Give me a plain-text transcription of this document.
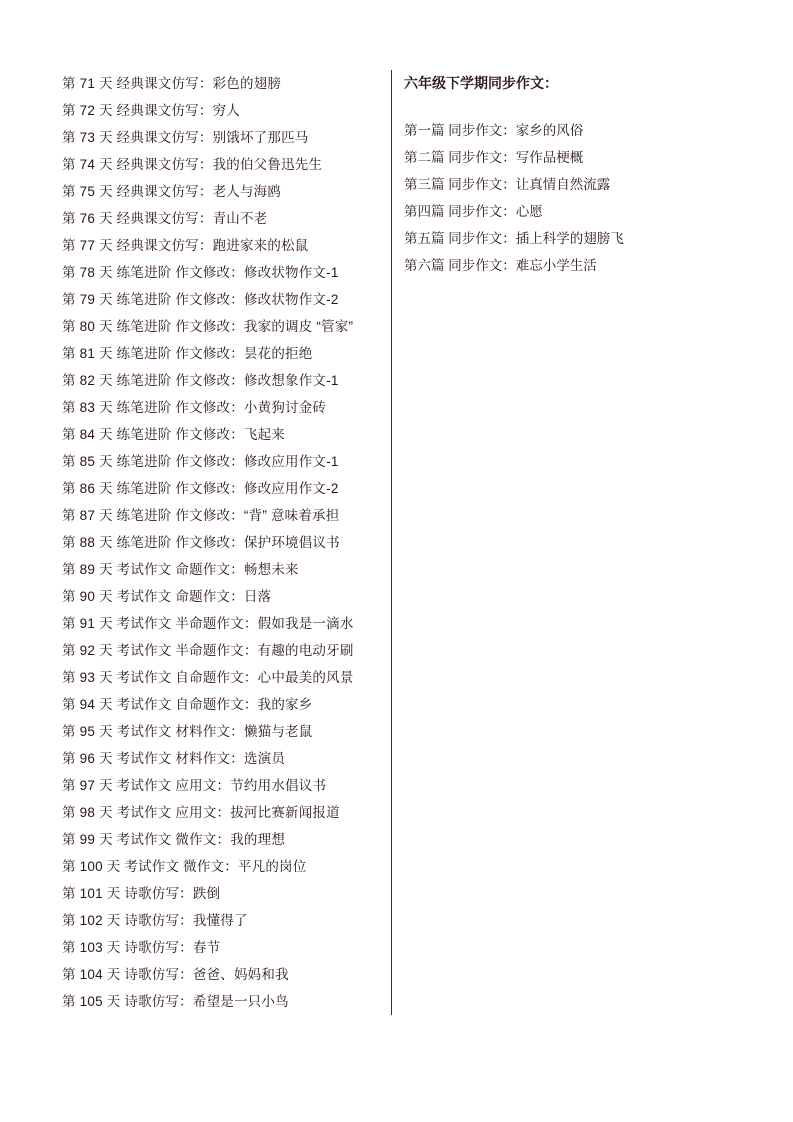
第 71 天 经典课文仿写：彩色的翅膀
第 72 天 经典课文仿写：穷人
第 73 天 经典课文仿写：别饿坏了那匹马
第 74 天 经典课文仿写：我的伯父鲁迅先生
第 75 天 经典课文仿写：老人与海鸥
第 76 天 经典课文仿写：青山不老
第 77 天 经典课文仿写：跑进家来的松鼠
第 78 天 练笔进阶 作文修改：修改状物作文-1
第 79 天 练笔进阶 作文修改：修改状物作文-2
第 80 天 练笔进阶 作文修改：我家的调皮 “管家”
第 81 天 练笔进阶 作文修改：昙花的拒绝
第 82 天 练笔进阶 作文修改：修改想象作文-1
第 83 天 练笔进阶 作文修改：小黄狗讨金砖
第 84 天 练笔进阶 作文修改：飞起来
第 85 天 练笔进阶 作文修改：修改应用作文-1
第 86 天 练笔进阶 作文修改：修改应用作文-2
第 87 天 练笔进阶 作文修改：“背” 意味着承担
第 88 天 练笔进阶 作文修改：保护环境倡议书
第 89 天 考试作文 命题作文：畅想未来
第 90 天 考试作文 命题作文：日落
第 91 天 考试作文 半命题作文：假如我是一滴水
第 92 天 考试作文 半命题作文：有趣的电动牙刷
第 93 天 考试作文 自命题作文：心中最美的风景
第 94 天 考试作文 自命题作文：我的家乡
第 95 天 考试作文 材料作文：懒猫与老鼠
第 96 天 考试作文 材料作文：选演员
第 97 天 考试作文 应用文：节约用水倡议书
第 98 天 考试作文 应用文：拔河比赛新闻报道
第 99 天 考试作文 微作文：我的理想
第 100 天 考试作文 微作文：平凡的岗位
第 101 天 诗歌仿写：跌倒
第 102 天 诗歌仿写：我懂得了
第 103 天 诗歌仿写：春节
第 104 天 诗歌仿写：爸爸、妈妈和我
第 105 天 诗歌仿写：希望是一只小鸟
六年级下学期同步作文：
第一篇 同步作文：家乡的风俗
第二篇 同步作文：写作品梗概
第三篇 同步作文：让真情自然流露
第四篇 同步作文：心愿
第五篇 同步作文：插上科学的翅膀飞
第六篇 同步作文：难忘小学生活
